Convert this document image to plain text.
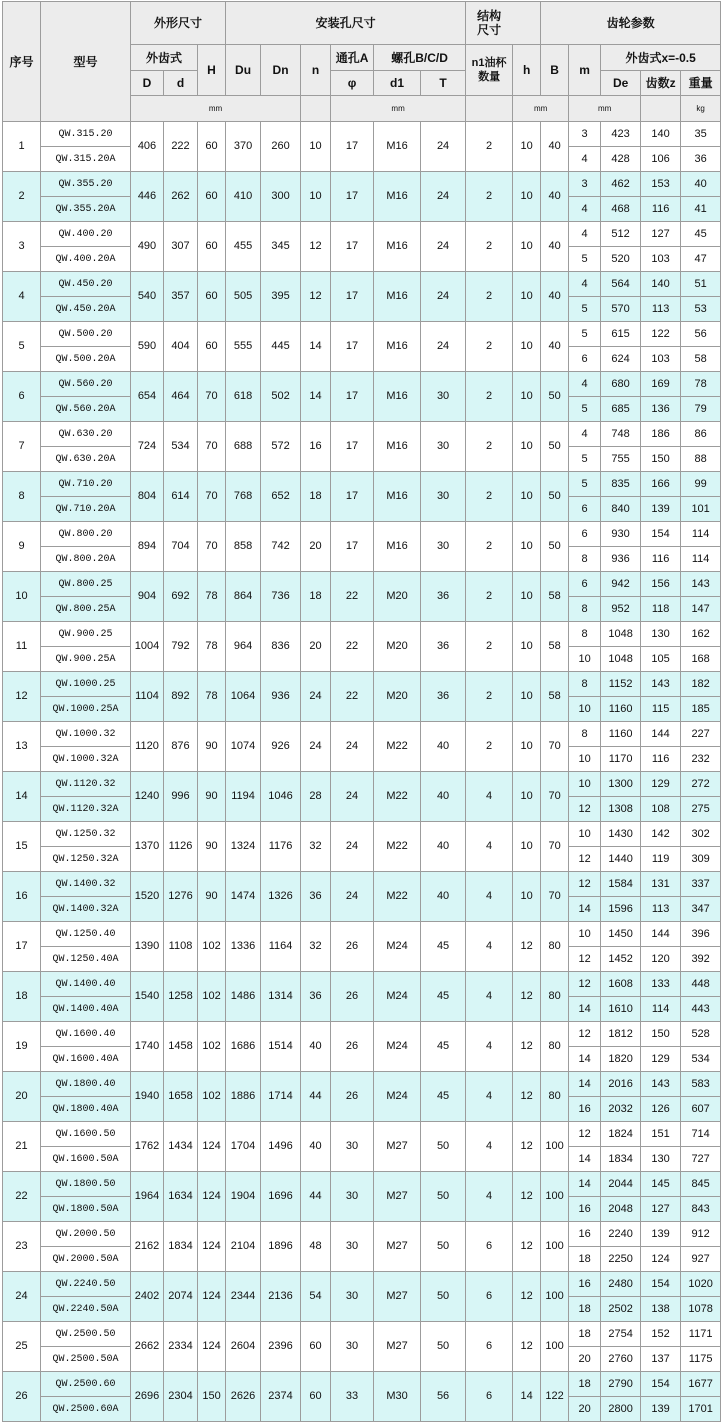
序号	型号	外形尺寸			安装孔尺寸						结构尺寸		齿轮参数				
		外齿式		H	Du	Dn	n	通孔A	螺孔B/C/D		n1油杯数量	h	B	m	外齿式x=-0.5		
		D	d					φ	d1	T					De	齿数z	重量
		mm						mm				mm		mm			kg
1	QW.315.20	406	222	60	370	260	10	17	M16	24	2	10	40	3	423	140	35
	QW.315.20A													4	428	106	36
2	QW.355.20	446	262	60	410	300	10	17	M16	24	2	10	40	3	462	153	40
	QW.355.20A													4	468	116	41
3	QW.400.20	490	307	60	455	345	12	17	M16	24	2	10	40	4	512	127	45
	QW.400.20A													5	520	103	47
4	QW.450.20	540	357	60	505	395	12	17	M16	24	2	10	40	4	564	140	51
	QW.450.20A													5	570	113	53
5	QW.500.20	590	404	60	555	445	14	17	M16	24	2	10	40	5	615	122	56
	QW.500.20A													6	624	103	58
6	QW.560.20	654	464	70	618	502	14	17	M16	30	2	10	50	4	680	169	78
	QW.560.20A													5	685	136	79
7	QW.630.20	724	534	70	688	572	16	17	M16	30	2	10	50	4	748	186	86
	QW.630.20A													5	755	150	88
8	QW.710.20	804	614	70	768	652	18	17	M16	30	2	10	50	5	835	166	99
	QW.710.20A													6	840	139	101
9	QW.800.20	894	704	70	858	742	20	17	M16	30	2	10	50	6	930	154	114
	QW.800.20A													8	936	116	114
10	QW.800.25	904	692	78	864	736	18	22	M20	36	2	10	58	6	942	156	143
	QW.800.25A													8	952	118	147
11	QW.900.25	1004	792	78	964	836	20	22	M20	36	2	10	58	8	1048	130	162
	QW.900.25A													10	1048	105	168
12	QW.1000.25	1104	892	78	1064	936	24	22	M20	36	2	10	58	8	1152	143	182
	QW.1000.25A													10	1160	115	185
13	QW.1000.32	1120	876	90	1074	926	24	24	M22	40	2	10	70	8	1160	144	227
	QW.1000.32A													10	1170	116	232
14	QW.1120.32	1240	996	90	1194	1046	28	24	M22	40	4	10	70	10	1300	129	272
	QW.1120.32A													12	1308	108	275
15	QW.1250.32	1370	1126	90	1324	1176	32	24	M22	40	4	10	70	10	1430	142	302
	QW.1250.32A													12	1440	119	309
16	QW.1400.32	1520	1276	90	1474	1326	36	24	M22	40	4	10	70	12	1584	131	337
	QW.1400.32A													14	1596	113	347
17	QW.1250.40	1390	1108	102	1336	1164	32	26	M24	45	4	12	80	10	1450	144	396
	QW.1250.40A													12	1452	120	392
18	QW.1400.40	1540	1258	102	1486	1314	36	26	M24	45	4	12	80	12	1608	133	448
	QW.1400.40A													14	1610	114	443
19	QW.1600.40	1740	1458	102	1686	1514	40	26	M24	45	4	12	80	12	1812	150	528
	QW.1600.40A													14	1820	129	534
20	QW.1800.40	1940	1658	102	1886	1714	44	26	M24	45	4	12	80	14	2016	143	583
	QW.1800.40A													16	2032	126	607
21	QW.1600.50	1762	1434	124	1704	1496	40	30	M27	50	4	12	100	12	1824	151	714
	QW.1600.50A													14	1834	130	727
22	QW.1800.50	1964	1634	124	1904	1696	44	30	M27	50	4	12	100	14	2044	145	845
	QW.1800.50A													16	2048	127	843
23	QW.2000.50	2162	1834	124	2104	1896	48	30	M27	50	6	12	100	16	2240	139	912
	QW.2000.50A													18	2250	124	927
24	QW.2240.50	2402	2074	124	2344	2136	54	30	M27	50	6	12	100	16	2480	154	1020
	QW.2240.50A													18	2502	138	1078
25	QW.2500.50	2662	2334	124	2604	2396	60	30	M27	50	6	12	100	18	2754	152	1171
	QW.2500.50A													20	2760	137	1175
26	QW.2500.60	2696	2304	150	2626	2374	60	33	M30	56	6	14	122	18	2790	154	1677
	QW.2500.60A													20	2800	139	1701
